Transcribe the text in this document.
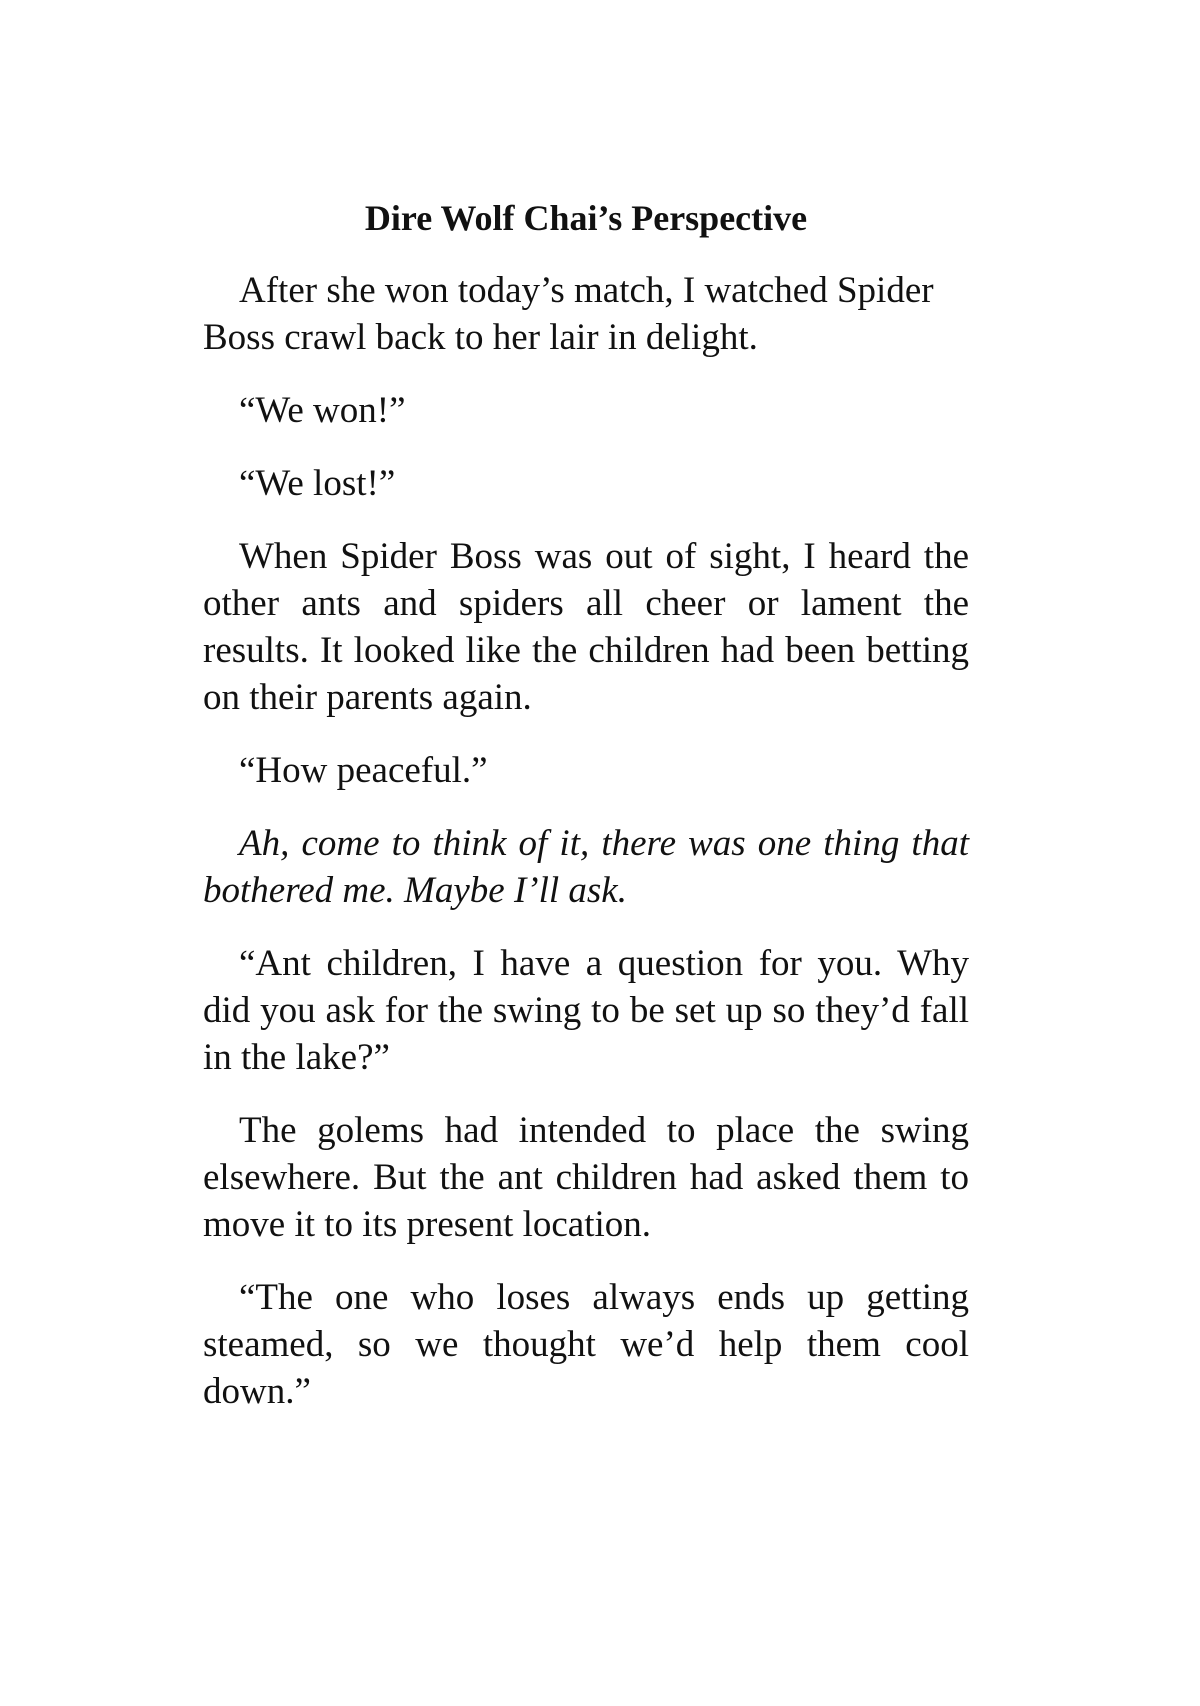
Dire Wolf Chai’s Perspective

After she won today’s match, I watched Spider Boss crawl back to her lair in delight.

“We won!”

“We lost!”

When Spider Boss was out of sight, I heard the other ants and spiders all cheer or lament the results. It looked like the children had been betting on their parents again.

“How peaceful.”

Ah, come to think of it, there was one thing that bothered me. Maybe I’ll ask.

“Ant children, I have a question for you. Why did you ask for the swing to be set up so they’d fall in the lake?”

The golems had intended to place the swing elsewhere. But the ant children had asked them to move it to its present location.

“The one who loses always ends up getting steamed, so we thought we’d help them cool down.”
